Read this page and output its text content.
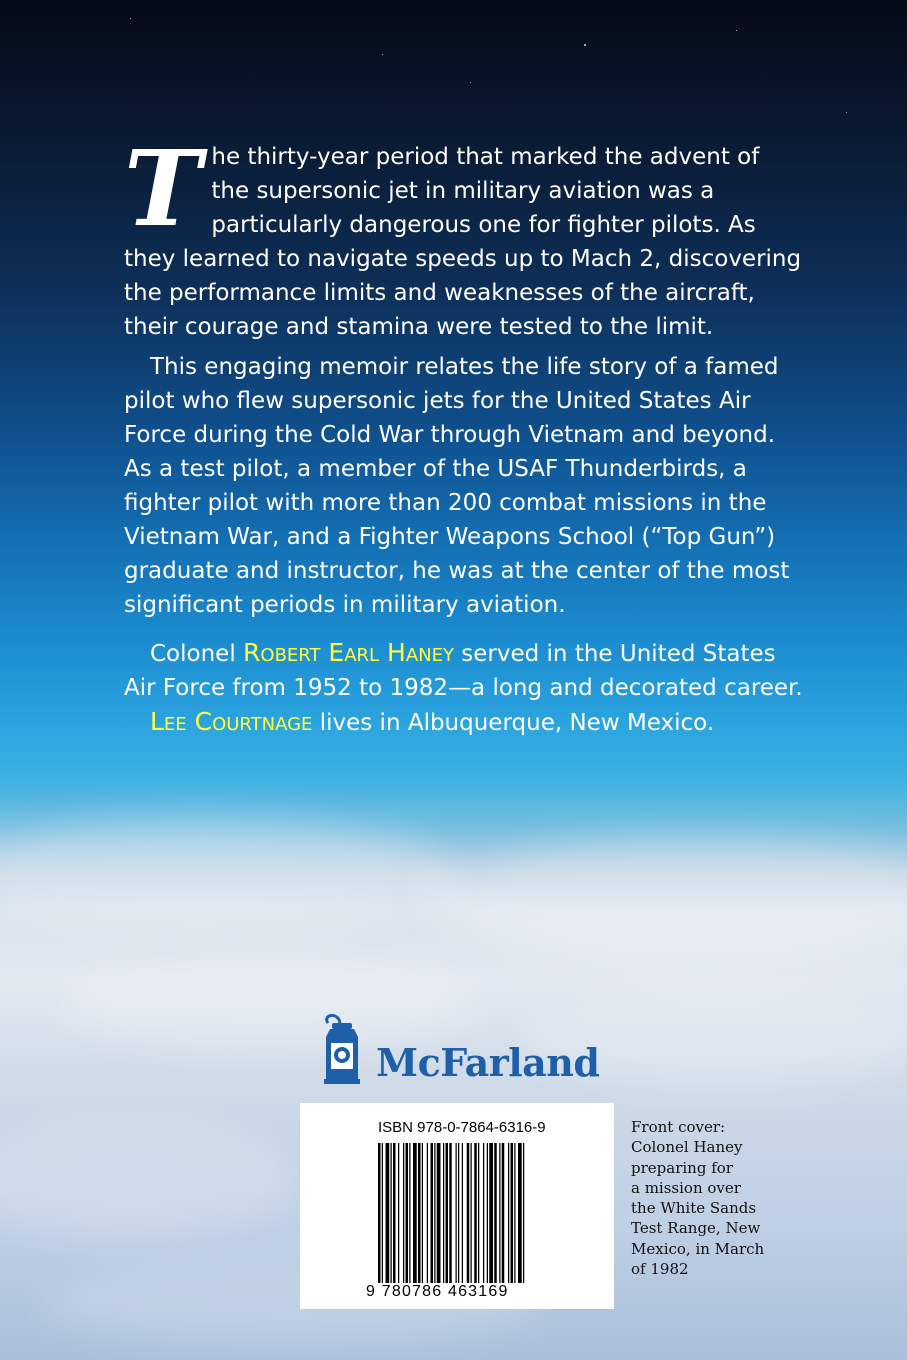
The thirty-year period that marked the advent of the supersonic jet in military aviation was a particularly dangerous one for fighter pilots. As they learned to navigate speeds up to Mach 2, discovering the performance limits and weaknesses of the aircraft, their courage and stamina were tested to the limit.

This engaging memoir relates the life story of a famed pilot who flew supersonic jets for the United States Air Force during the Cold War through Vietnam and beyond. As a test pilot, a member of the USAF Thunderbirds, a fighter pilot with more than 200 combat missions in the Vietnam War, and a Fighter Weapons School (“Top Gun”) graduate and instructor, he was at the center of the most significant periods in military aviation.

Colonel Robert Earl Haney served in the United States Air Force from 1952 to 1982—a long and decorated career.

Lee Courtnage lives in Albuquerque, New Mexico.

McFarland
ISBN 978-0-7864-6316-9
9 780786 463169
Front cover:
Colonel Haney
preparing for
a mission over
the White Sands
Test Range, New
Mexico, in March
of 1982
